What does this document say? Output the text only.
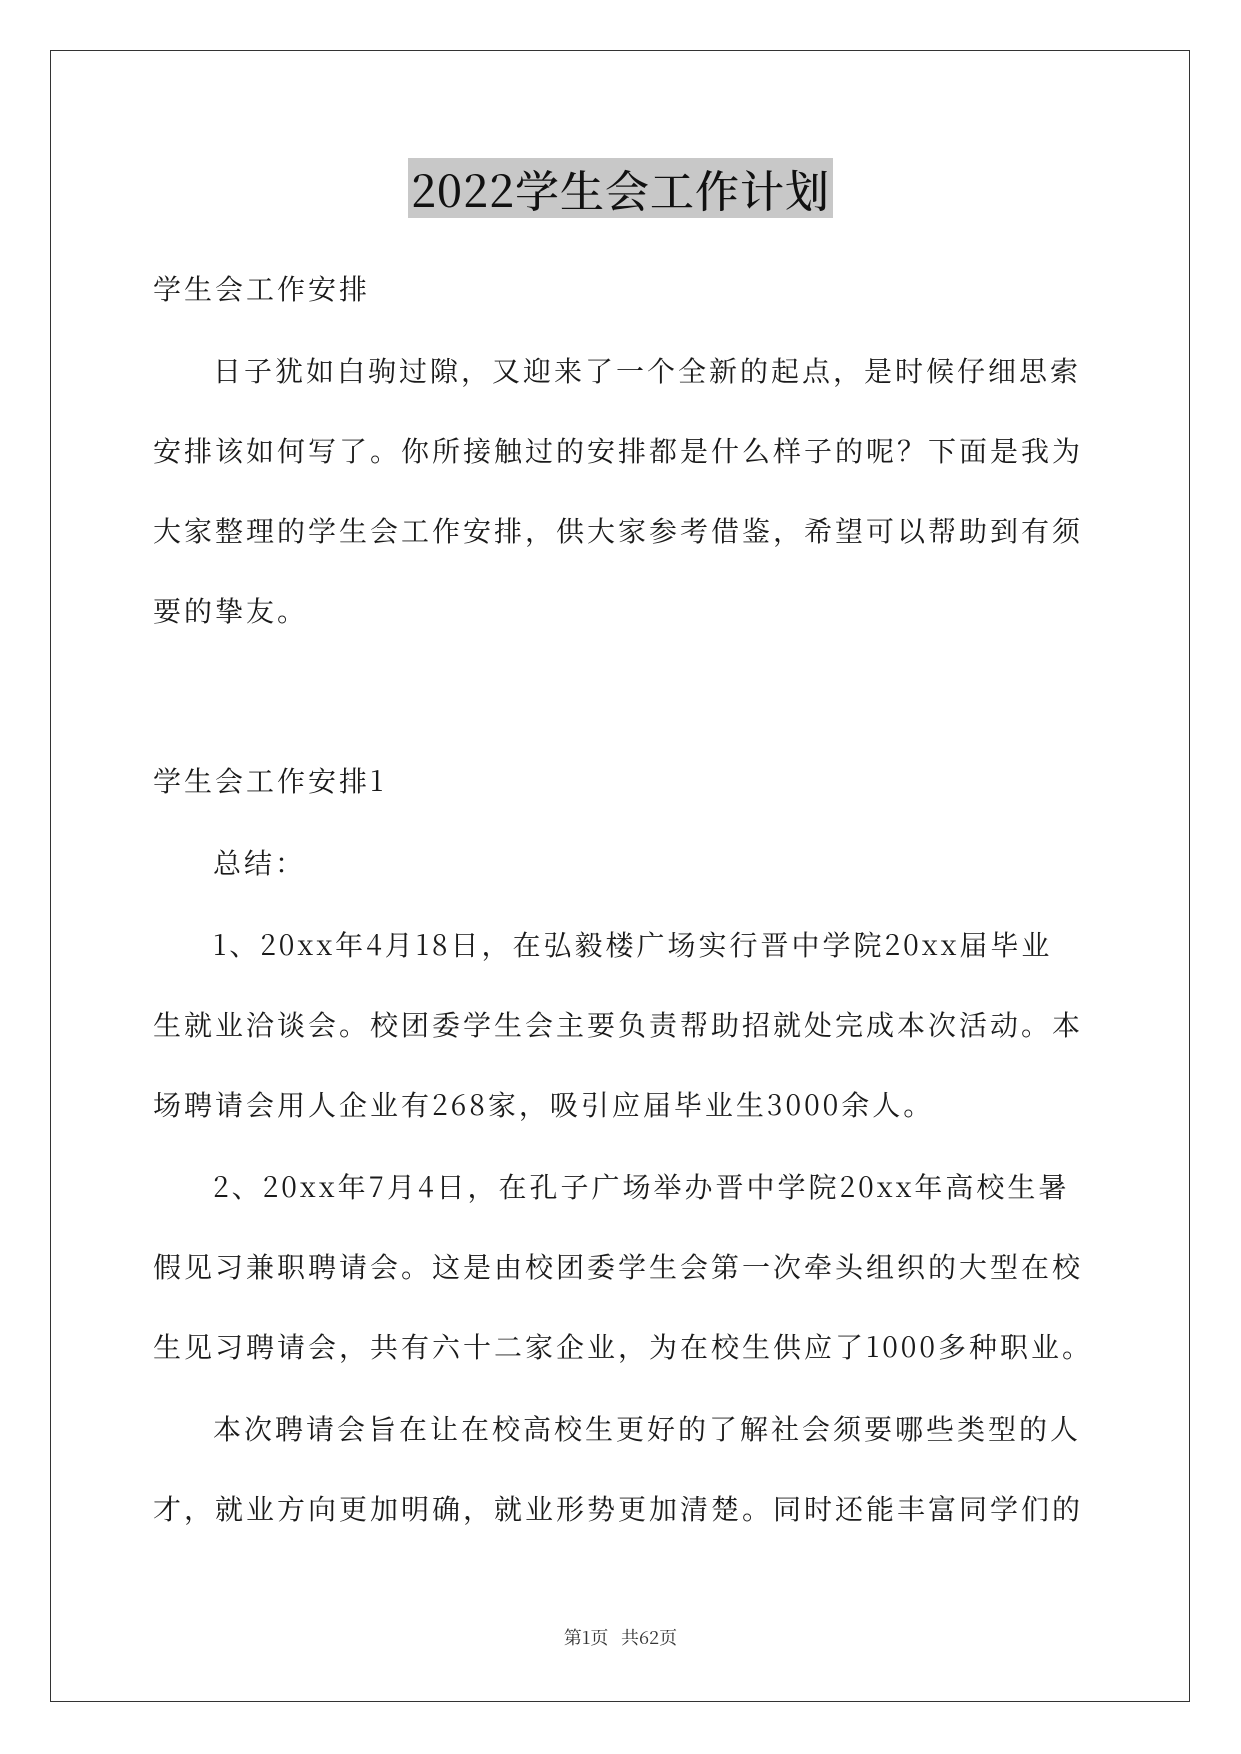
2022学生会工作计划
学生会工作安排
日子犹如白驹过隙，又迎来了一个全新的起点，是时候仔细思索
安排该如何写了。你所接触过的安排都是什么样子的呢？下面是我为
大家整理的学生会工作安排，供大家参考借鉴，希望可以帮助到有须
要的挚友。
学生会工作安排1
总结：
1、20xx年4月18日，在弘毅楼广场实行晋中学院20xx届毕业
生就业洽谈会。校团委学生会主要负责帮助招就处完成本次活动。本
场聘请会用人企业有268家，吸引应届毕业生3000余人。
2、20xx年7月4日，在孔子广场举办晋中学院20xx年高校生暑
假见习兼职聘请会。这是由校团委学生会第一次牵头组织的大型在校
生见习聘请会，共有六十二家企业，为在校生供应了1000多种职业。
本次聘请会旨在让在校高校生更好的了解社会须要哪些类型的人
才，就业方向更加明确，就业形势更加清楚。同时还能丰富同学们的
第1页 共62页
